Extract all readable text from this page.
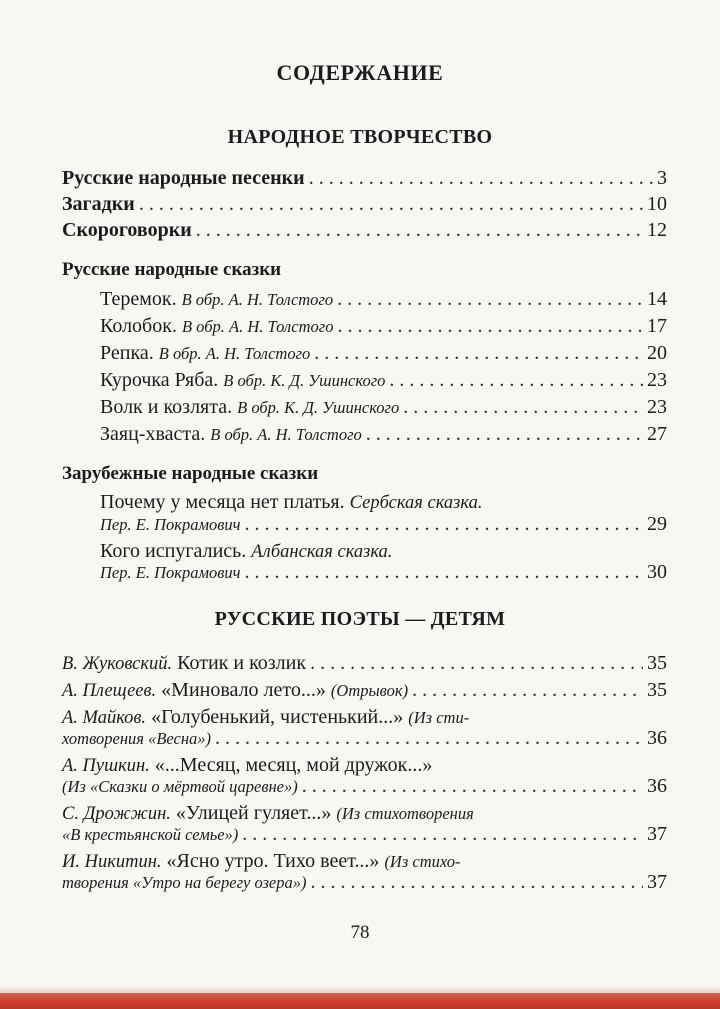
СОДЕРЖАНИЕ
НАРОДНОЕ ТВОРЧЕСТВО
Русские народные песенки . . .	3
Загадки . . .	10
Скороговорки . . .	12
Русские народные сказки
Теремок.
В обр. А. Н. Толстого . . .	14
Колобок.
В обр. А. Н. Толстого . . .	17
Репка.
В обр. А. Н. Толстого . . .	20
Курочка Ряба.
В обр. К. Д. Ушинского . . .	23
Волк и козлята.
В обр. К. Д. Ушинского . . .	23
Заяц-хваста.
В обр. А. Н. Толстого . . .	27
Зарубежные народные сказки
Почему у месяца нет платья. Сербская сказка.
Пер. Е. Покрамович . . .	29
Кого испугались. Албанская сказка.
Пер. Е. Покрамович . . .	30
РУССКИЕ ПОЭТЫ — ДЕТЯМ
В. Жуковский.
Котик и козлик . . .	35
А. Плещеев.
«Миновало лето...»
(Отрывок) . . .	35
А. Майков. «Голубенький, чистенький...» (Из сти-
хотворения «Весна») . . .	36
А. Пушкин. «...Месяц, месяц, мой дружок...»
(Из «Сказки о мёртвой царевне») . . .	36
С. Дрожжин. «Улицей гуляет...» (Из стихотворения
«В крестьянской семье») . . .	37
И. Никитин. «Ясно утро. Тихо веет...» (Из стихо-
творения «Утро на берегу озера») . . .	37
78
